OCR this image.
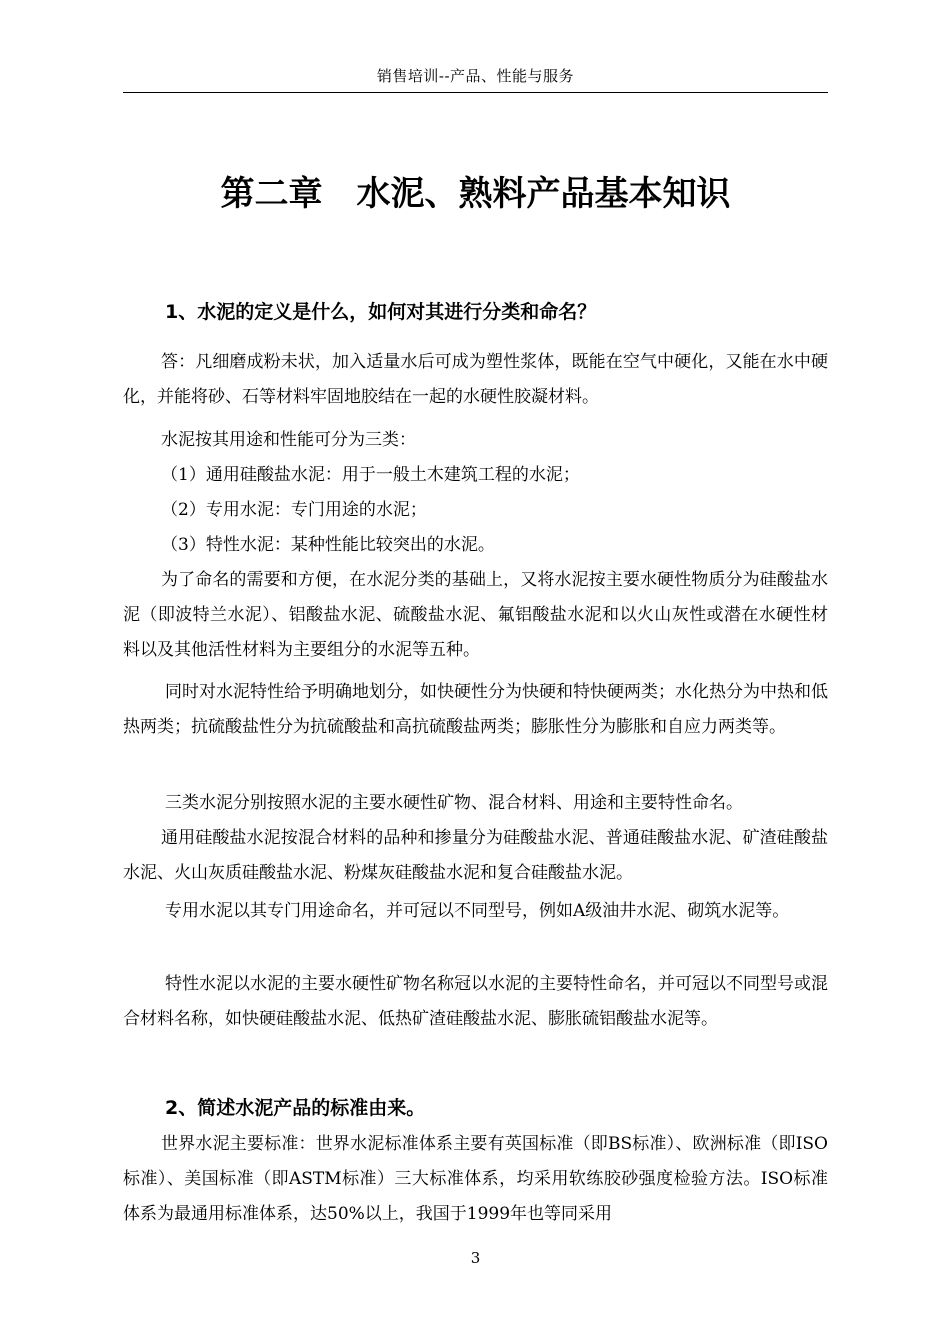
销售培训--产品、性能与服务
第二章　水泥、熟料产品基本知识
1、水泥的定义是什么，如何对其进行分类和命名？

答：凡细磨成粉未状，加入适量水后可成为塑性浆体，既能在空气中硬化，又能在水中硬化，并能将砂、石等材料牢固地胶结在一起的水硬性胶凝材料。

水泥按其用途和性能可分为三类：
（1）通用硅酸盐水泥：用于一般土木建筑工程的水泥；
（2）专用水泥：专门用途的水泥；
（3）特性水泥：某种性能比较突出的水泥。

为了命名的需要和方便，在水泥分类的基础上，又将水泥按主要水硬性物质分为硅酸盐水泥（即波特兰水泥）、铝酸盐水泥、硫酸盐水泥、氟铝酸盐水泥和以火山灰性或潜在水硬性材料以及其他活性材料为主要组分的水泥等五种。

同时对水泥特性给予明确地划分，如快硬性分为快硬和特快硬两类；水化热分为中热和低热两类；抗硫酸盐性分为抗硫酸盐和高抗硫酸盐两类；膨胀性分为膨胀和自应力两类等。

三类水泥分别按照水泥的主要水硬性矿物、混合材料、用途和主要特性命名。

通用硅酸盐水泥按混合材料的品种和掺量分为硅酸盐水泥、普通硅酸盐水泥、矿渣硅酸盐水泥、火山灰质硅酸盐水泥、粉煤灰硅酸盐水泥和复合硅酸盐水泥。

专用水泥以其专门用途命名，并可冠以不同型号，例如A级油井水泥、砌筑水泥等。

特性水泥以水泥的主要水硬性矿物名称冠以水泥的主要特性命名，并可冠以不同型号或混合材料名称，如快硬硅酸盐水泥、低热矿渣硅酸盐水泥、膨胀硫铝酸盐水泥等。

2、简述水泥产品的标准由来。

世界水泥主要标准：世界水泥标准体系主要有英国标准（即BS标准）、欧洲标准（即ISO标准）、美国标准（即ASTM标准）三大标准体系，均采用软练胶砂强度检验方法。ISO标准体系为最通用标准体系，达50%以上，我国于1999年也等同采用

3
